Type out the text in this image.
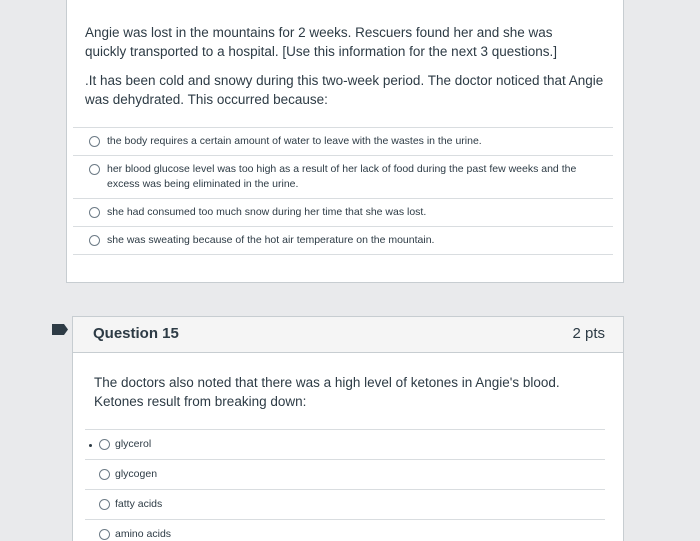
Angie was lost in the mountains for 2 weeks. Rescuers found her and she was quickly transported to a hospital. [Use this information for the next 3 questions.]

.It has been cold and snowy during this two-week period. The doctor noticed that Angie was dehydrated. This occurred because:

the body requires a certain amount of water to leave with the wastes in the urine.
her blood glucose level was too high as a result of her lack of food during the past few weeks and the excess was being eliminated in the urine.
she had consumed too much snow during her time that she was lost.
she was sweating because of the hot air temperature on the mountain.
Question 15	2 pts

The doctors also noted that there was a high level of ketones in Angie's blood. Ketones result from breaking down:

glycerol
glycogen
fatty acids
amino acids
